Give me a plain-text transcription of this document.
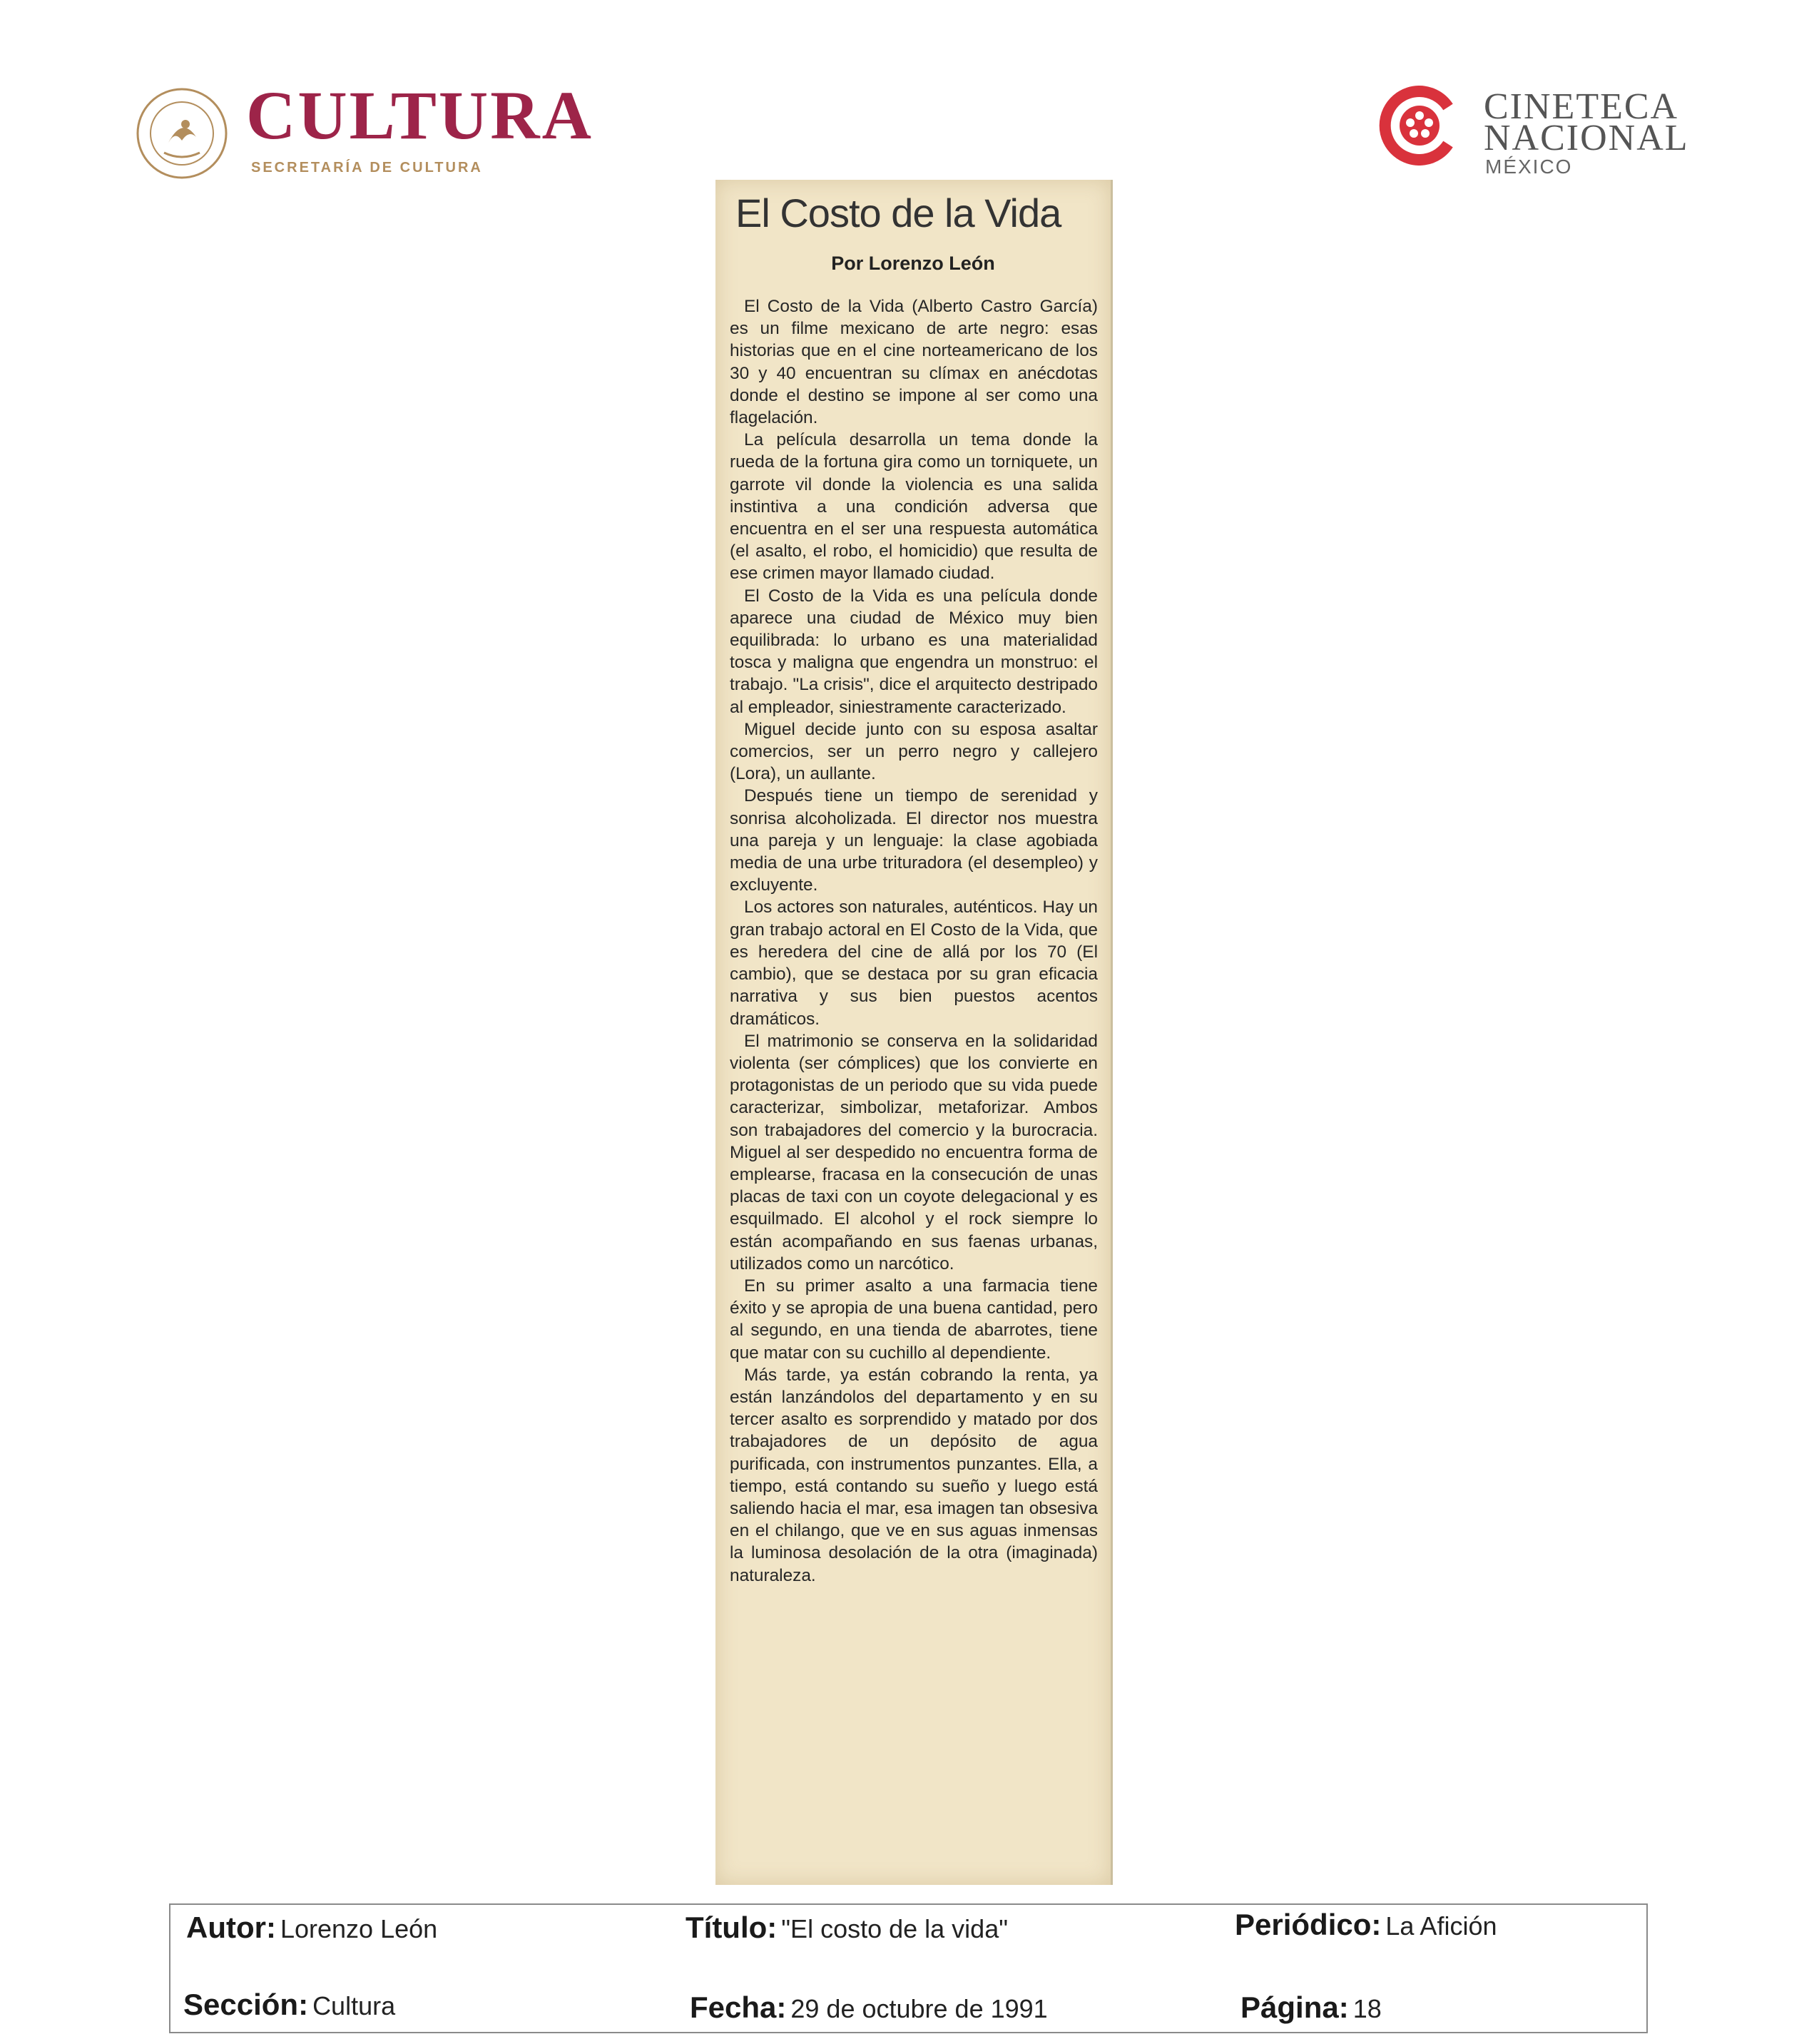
CULTURA
SECRETARÍA DE CULTURA
CINETECA
NACIONAL
MÉXICO
El Costo de la Vida
Por Lorenzo León

El Costo de la Vida (Alberto Castro García) es un filme mexicano de arte negro: esas historias que en el cine norteamericano de los 30 y 40 encuentran su clímax en anécdotas donde el destino se impone al ser como una flagelación.

La película desarrolla un tema donde la rueda de la fortuna gira como un torniquete, un garrote vil donde la violencia es una salida instintiva a una condición adversa que encuentra en el ser una respuesta automática (el asalto, el robo, el homicidio) que resulta de ese crimen mayor llamado ciudad.

El Costo de la Vida es una película donde aparece una ciudad de México muy bien equilibrada: lo urbano es una materialidad tosca y maligna que engendra un monstruo: el trabajo. "La crisis", dice el arquitecto destripado al empleador, siniestramente caracterizado.

Miguel decide junto con su esposa asaltar comercios, ser un perro negro y callejero (Lora), un aullante.

Después tiene un tiempo de serenidad y sonrisa alcoholizada. El director nos muestra una pareja y un lenguaje: la clase agobiada media de una urbe trituradora (el desempleo) y excluyente.

Los actores son naturales, auténticos. Hay un gran trabajo actoral en El Costo de la Vida, que es heredera del cine de allá por los 70 (El cambio), que se destaca por su gran eficacia narrativa y sus bien puestos acentos dramáticos.

El matrimonio se conserva en la solidaridad violenta (ser cómplices) que los convierte en protagonistas de un periodo que su vida puede caracterizar, simbolizar, metaforizar. Ambos son trabajadores del comercio y la burocracia. Miguel al ser despedido no encuentra forma de emplearse, fracasa en la consecución de unas placas de taxi con un coyote delegacional y es esquilmado. El alcohol y el rock siempre lo están acompañando en sus faenas urbanas, utilizados como un narcótico.

En su primer asalto a una farmacia tiene éxito y se apropia de una buena cantidad, pero al segundo, en una tienda de abarrotes, tiene que matar con su cuchillo al dependiente.

Más tarde, ya están cobrando la renta, ya están lanzándolos del departamento y en su tercer asalto es sorprendido y matado por dos trabajadores de un depósito de agua purificada, con instrumentos punzantes. Ella, a tiempo, está contando su sueño y luego está saliendo hacia el mar, esa imagen tan obsesiva en el chilango, que ve en sus aguas inmensas la luminosa desolación de la otra (imaginada) naturaleza.

Autor: Lorenzo León	Título: "El costo de la vida"	Periódico: La Afición
Sección: Cultura	Fecha: 29 de octubre de 1991	Página: 18
